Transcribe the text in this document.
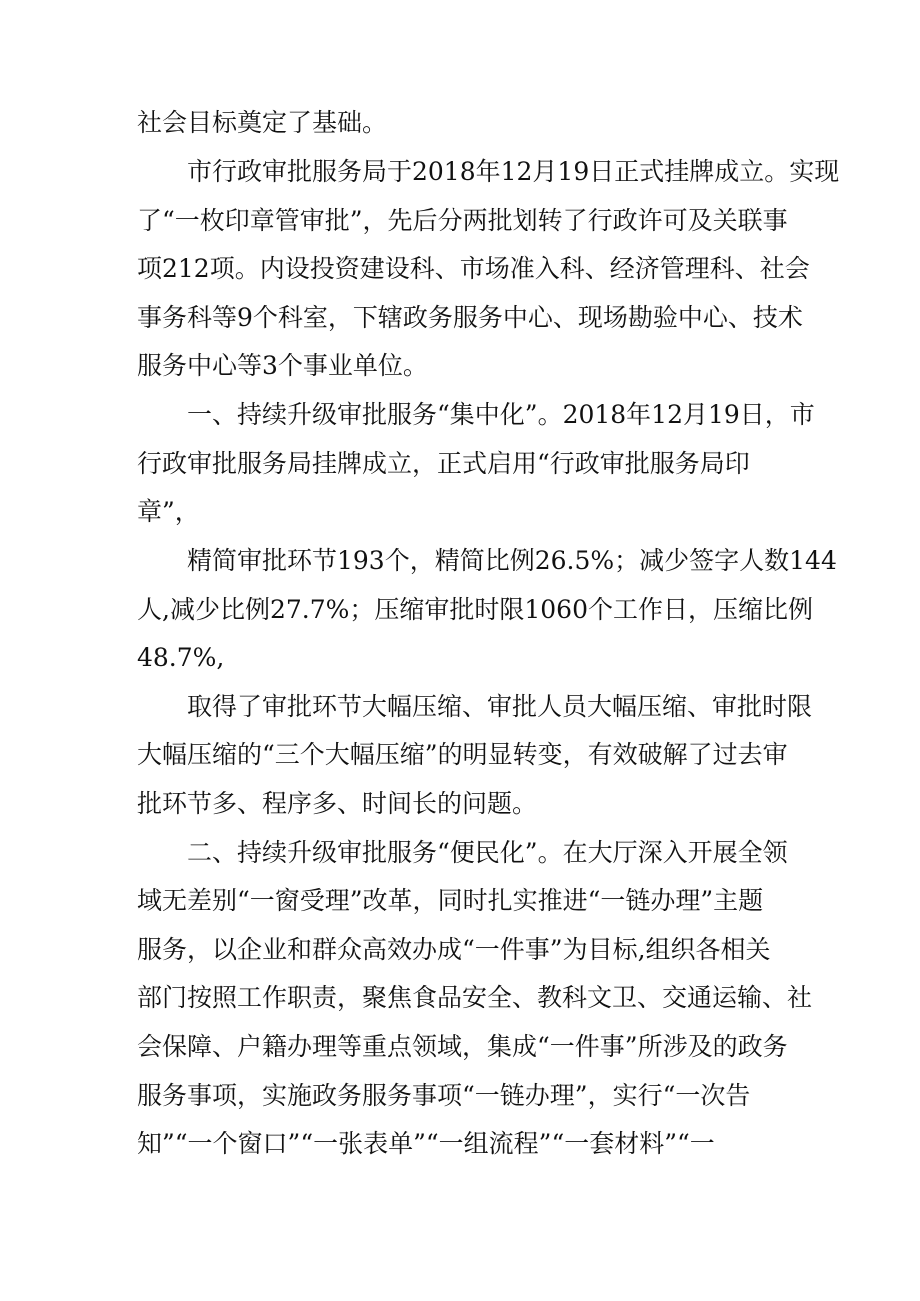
社会目标奠定了基础。
市行政审批服务局于2018年12月19日正式挂牌成立。实现
了“一枚印章管审批”，先后分两批划转了行政许可及关联事
项212项。内设投资建设科、市场准入科、经济管理科、社会
事务科等9个科室，下辖政务服务中心、现场勘验中心、技术
服务中心等3个事业单位。
一、持续升级审批服务“集中化”。2018年12月19日，市
行政审批服务局挂牌成立，正式启用“行政审批服务局印
章”，
精简审批环节193个，精简比例26.5%；减少签字人数144
人,减少比例27.7%；压缩审批时限1060个工作日，压缩比例
48.7%,
取得了审批环节大幅压缩、审批人员大幅压缩、审批时限
大幅压缩的“三个大幅压缩”的明显转变，有效破解了过去审
批环节多、程序多、时间长的问题。
二、持续升级审批服务“便民化”。在大厅深入开展全领
域无差别“一窗受理”改革，同时扎实推进“一链办理”主题
服务，以企业和群众高效办成“一件事”为目标,组织各相关
部门按照工作职责，聚焦食品安全、教科文卫、交通运输、社
会保障、户籍办理等重点领域，集成“一件事”所涉及的政务
服务事项，实施政务服务事项“一链办理”，实行“一次告
知”“一个窗口”“一张表单”“一组流程”“一套材料”“一
